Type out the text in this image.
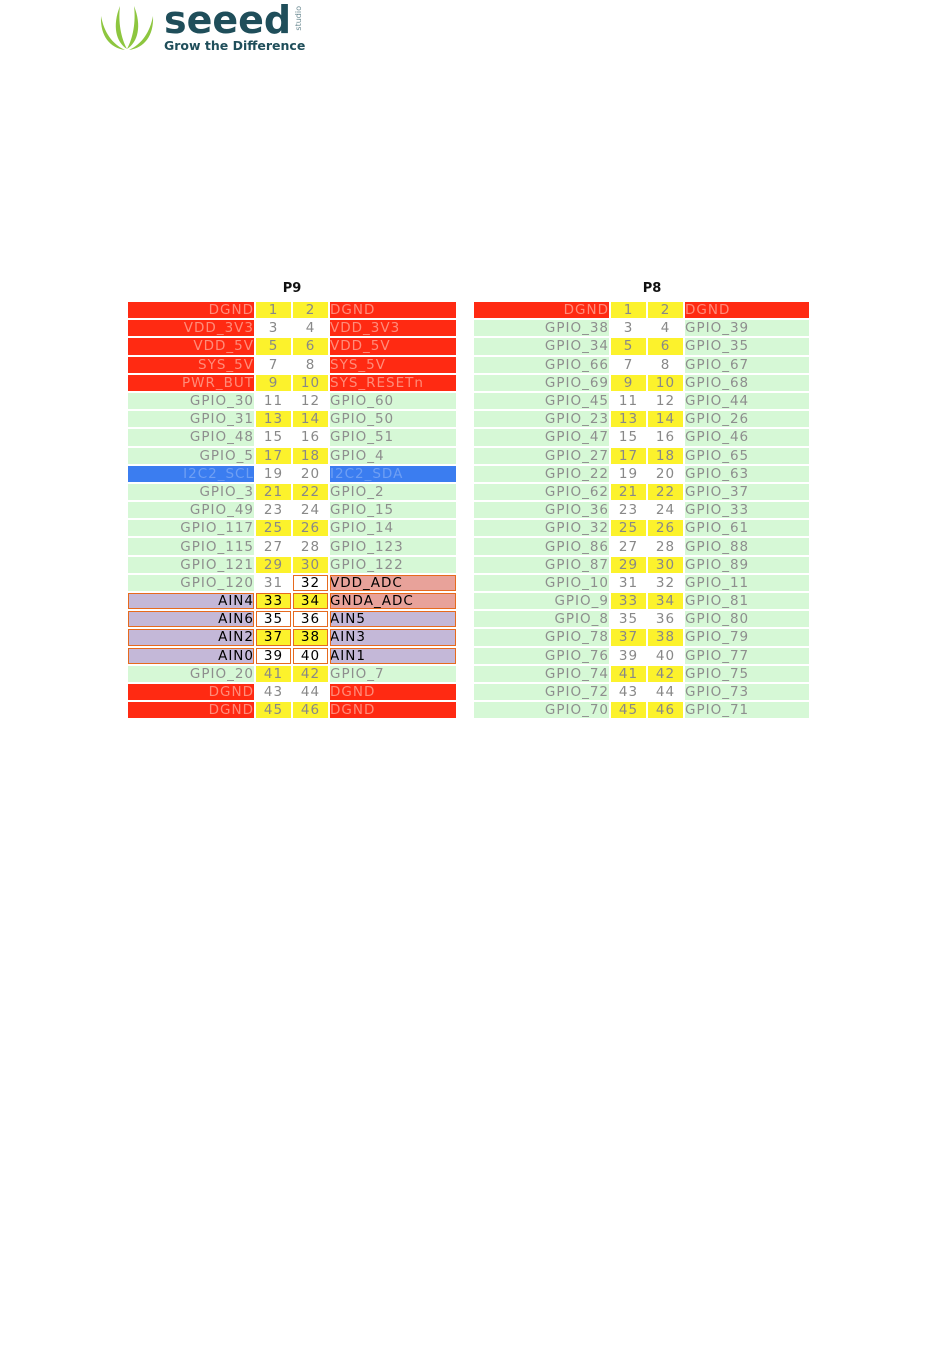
seeed studio
Grow the Difference
P9	P8
DGND		1		2		DGND
VDD_3V3		3		4		VDD_3V3
VDD_5V		5		6		VDD_5V
SYS_5V		7		8		SYS_5V
PWR_BUT		9		10		SYS_RESETn
GPIO_30		11		12		GPIO_60
GPIO_31		13		14		GPIO_50
GPIO_48		15		16		GPIO_51
GPIO_5		17		18		GPIO_4
I2C2_SCL		19		20		I2C2_SDA
GPIO_3		21		22		GPIO_2
GPIO_49		23		24		GPIO_15
GPIO_117		25		26		GPIO_14
GPIO_115		27		28		GPIO_123
GPIO_121		29		30		GPIO_122
GPIO_120		31		32		VDD_ADC
AIN4		33		34		GNDA_ADC
AIN6		35		36		AIN5
AIN2		37		38		AIN3
AIN0		39		40		AIN1
GPIO_20		41		42		GPIO_7
DGND		43		44		DGND
DGND		45		46		DGND
DGND		1		2		DGND
GPIO_38		3		4		GPIO_39
GPIO_34		5		6		GPIO_35
GPIO_66		7		8		GPIO_67
GPIO_69		9		10		GPIO_68
GPIO_45		11		12		GPIO_44
GPIO_23		13		14		GPIO_26
GPIO_47		15		16		GPIO_46
GPIO_27		17		18		GPIO_65
GPIO_22		19		20		GPIO_63
GPIO_62		21		22		GPIO_37
GPIO_36		23		24		GPIO_33
GPIO_32		25		26		GPIO_61
GPIO_86		27		28		GPIO_88
GPIO_87		29		30		GPIO_89
GPIO_10		31		32		GPIO_11
GPIO_9		33		34		GPIO_81
GPIO_8		35		36		GPIO_80
GPIO_78		37		38		GPIO_79
GPIO_76		39		40		GPIO_77
GPIO_74		41		42		GPIO_75
GPIO_72		43		44		GPIO_73
GPIO_70		45		46		GPIO_71
